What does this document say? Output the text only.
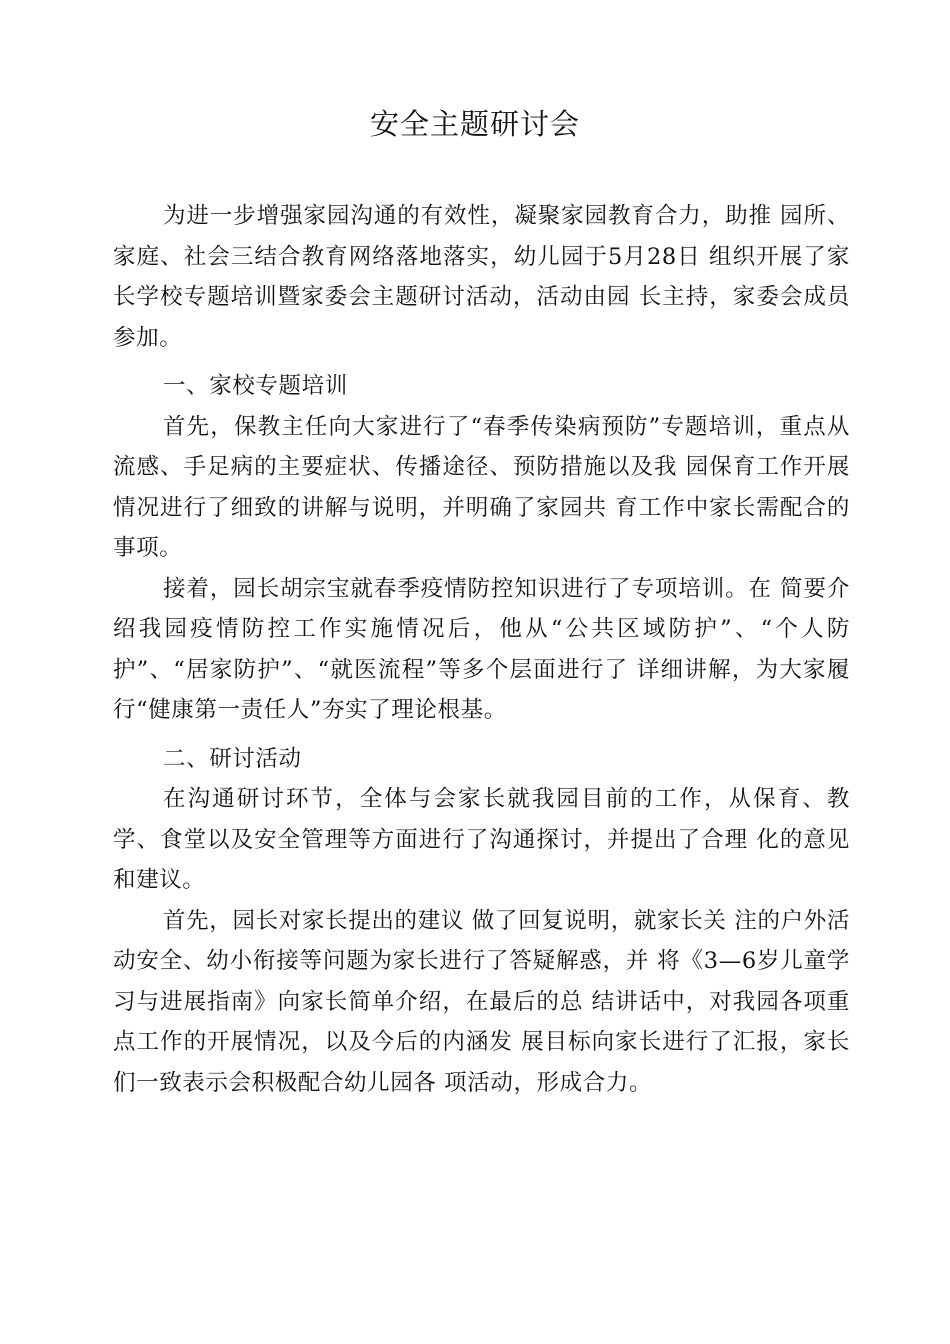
安全主题研讨会

为进一步增强家园沟通的有效性，凝聚家园教育合力，助推 园所、家庭、社会三结合教育网络落地落实，幼儿园于5月28日 组织开展了家长学校专题培训暨家委会主题研讨活动，活动由园 长主持，家委会成员参加。

一、家校专题培训

首先，保教主任向大家进行了“春季传染病预防”专题培训，重点从流感、手足病的主要症状、传播途径、预防措施以及我 园保育工作开展情况进行了细致的讲解与说明，并明确了家园共 育工作中家长需配合的事项。

接着，园长胡宗宝就春季疫情防控知识进行了专项培训。在 简要介绍我园疫情防控工作实施情况后，他从“公共区域防护”、“个人防护”、“居家防护”、“就医流程”等多个层面进行了 详细讲解，为大家履行“健康第一责任人”夯实了理论根基。

二、研讨活动

在沟通研讨环节，全体与会家长就我园目前的工作，从保育、教学、食堂以及安全管理等方面进行了沟通探讨，并提出了合理 化的意见和建议。

首先，园长对家长提出的建议 做了回复说明，就家长关 注的户外活动安全、幼小衔接等问题为家长进行了答疑解惑，并 将《3—6岁儿童学习与进展指南》向家长简单介绍，在最后的总 结讲话中，对我园各项重点工作的开展情况，以及今后的内涵发 展目标向家长进行了汇报，家长们一致表示会积极配合幼儿园各 项活动，形成合力。
